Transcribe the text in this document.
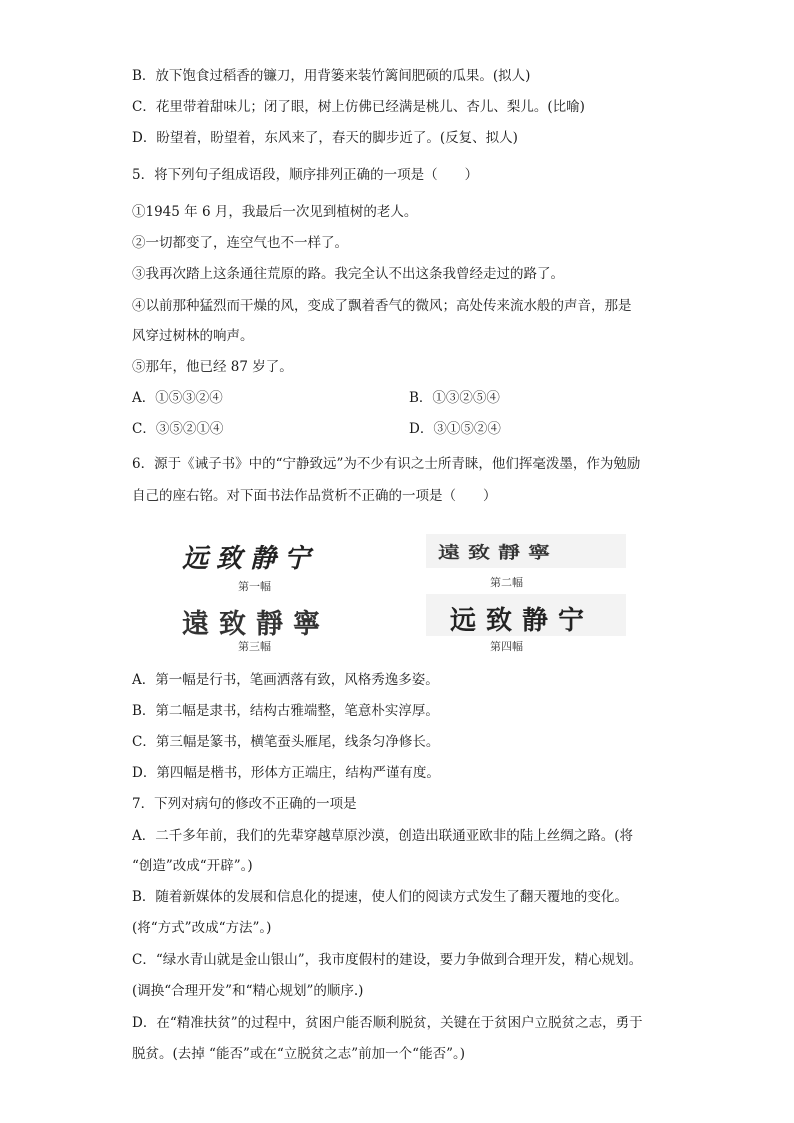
B．放下饱食过稻香的镰刀，用背篓来装竹篱间肥硕的瓜果。(拟人)
C．花里带着甜味儿；闭了眼，树上仿佛已经满是桃儿、杏儿、梨儿。(比喻)
D．盼望着，盼望着，东风来了，春天的脚步近了。(反复、拟人)
5．将下列句子组成语段，顺序排列正确的一项是（　　）
①1945 年 6 月，我最后一次见到植树的老人。
②一切都变了，连空气也不一样了。
③我再次踏上这条通往荒原的路。我完全认不出这条我曾经走过的路了。
④以前那种猛烈而干燥的风，变成了飘着香气的微风；高处传来流水般的声音，那是
风穿过树林的响声。
⑤那年，他已经 87 岁了。
A．①⑤③②④	B．①③②⑤④
C．③⑤②①④	D．③①⑤②④
6．源于《诫子书》中的“宁静致远”为不少有识之士所青睐，他们挥毫泼墨，作为勉励
自己的座右铭。对下面书法作品赏析不正确的一项是（　　）
远致静宁
第一幅
遠致靜寧
第二幅
遠致靜寧
第三幅
远致静宁
第四幅
A．第一幅是行书，笔画洒落有致，风格秀逸多姿。
B．第二幅是隶书，结构古雅端整，笔意朴实淳厚。
C．第三幅是篆书，横笔蚕头雁尾，线条匀净修长。
D．第四幅是楷书，形体方正端庄，结构严谨有度。
7．下列对病句的修改不正确的一项是
A．二千多年前，我们的先辈穿越草原沙漠，创造出联通亚欧非的陆上丝绸之路。(将
“创造”改成“开辟”。)
B．随着新媒体的发展和信息化的提速，使人们的阅读方式发生了翻天覆地的变化。
(将“方式”改成“方法”。)
C．“绿水青山就是金山银山”，我市度假村的建设，要力争做到合理开发，精心规划。
(调换“合理开发”和“精心规划”的顺序.)
D．在“精准扶贫”的过程中，贫困户能否顺利脱贫，关键在于贫困户立脱贫之志，勇于
脱贫。(去掉 “能否”或在“立脱贫之志”前加一个“能否”。)
